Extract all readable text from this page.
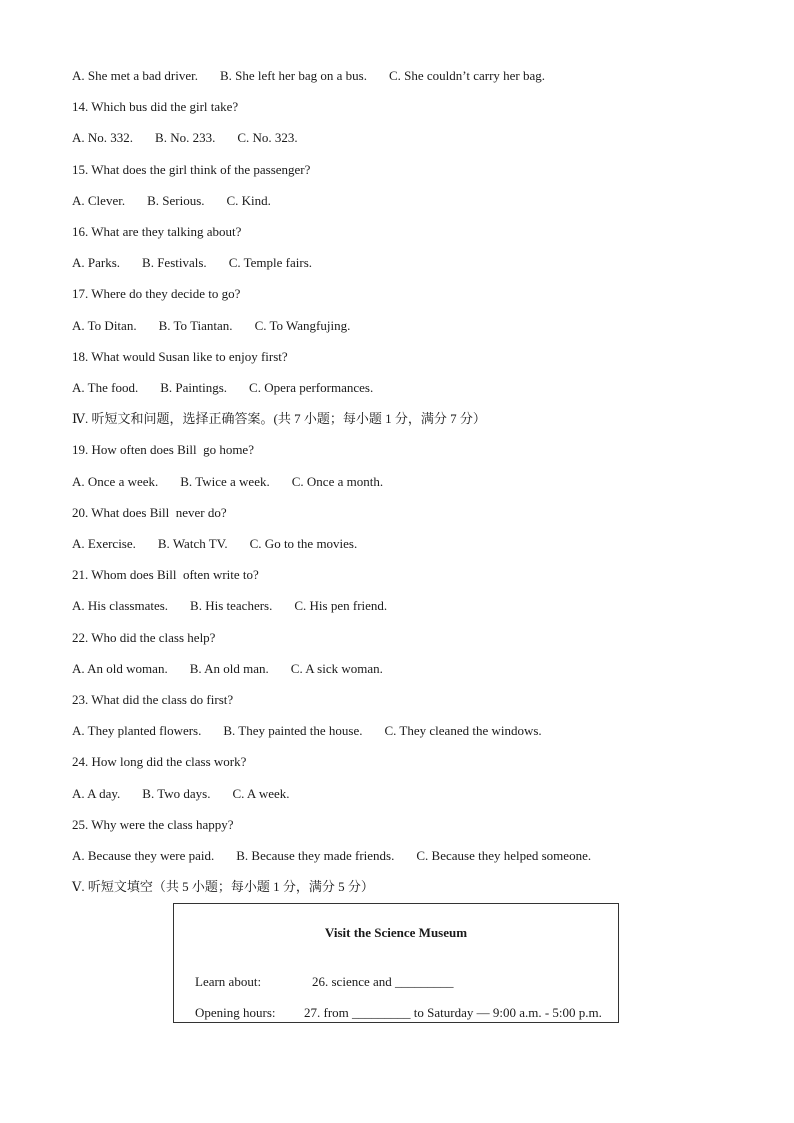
A. She met a bad driver. B. She left her bag on a bus. C. She couldn’t carry her bag.
14. Which bus did the girl take?
A. No. 332. B. No. 233. C. No. 323.
15. What does the girl think of the passenger?
A. Clever. B. Serious. C. Kind.
16. What are they talking about?
A. Parks. B. Festivals. C. Temple fairs.
17. Where do they decide to go?
A. To Ditan. B. To Tiantan. C. To Wangfujing.
18. What would Susan like to enjoy first?
A. The food. B. Paintings. C. Opera performances.
Ⅳ. 听短文和问题，选择正确答案。(共 7 小题；每小题 1 分，满分 7 分）
19. How often does Bill  go home?
A. Once a week. B. Twice a week. C. Once a month.
20. What does Bill  never do?
A. Exercise. B. Watch TV. C. Go to the movies.
21. Whom does Bill  often write to?
A. His classmates. B. His teachers. C. His pen friend.
22. Who did the class help?
A. An old woman. B. An old man. C. A sick woman.
23. What did the class do first?
A. They planted flowers. B. They painted the house. C. They cleaned the windows.
24. How long did the class work?
A. A day. B. Two days. C. A week.
25. Why were the class happy?
A. Because they were paid. B. Because they made friends. C. Because they helped someone.
Ⅴ. 听短文填空（共 5 小题；每小题 1 分，满分 5 分）
Visit the Science Museum

Learn about:	26. science and _________

Opening hours: 27. from _________ to Saturday — 9:00 a.m. - 5:00 p.m.
